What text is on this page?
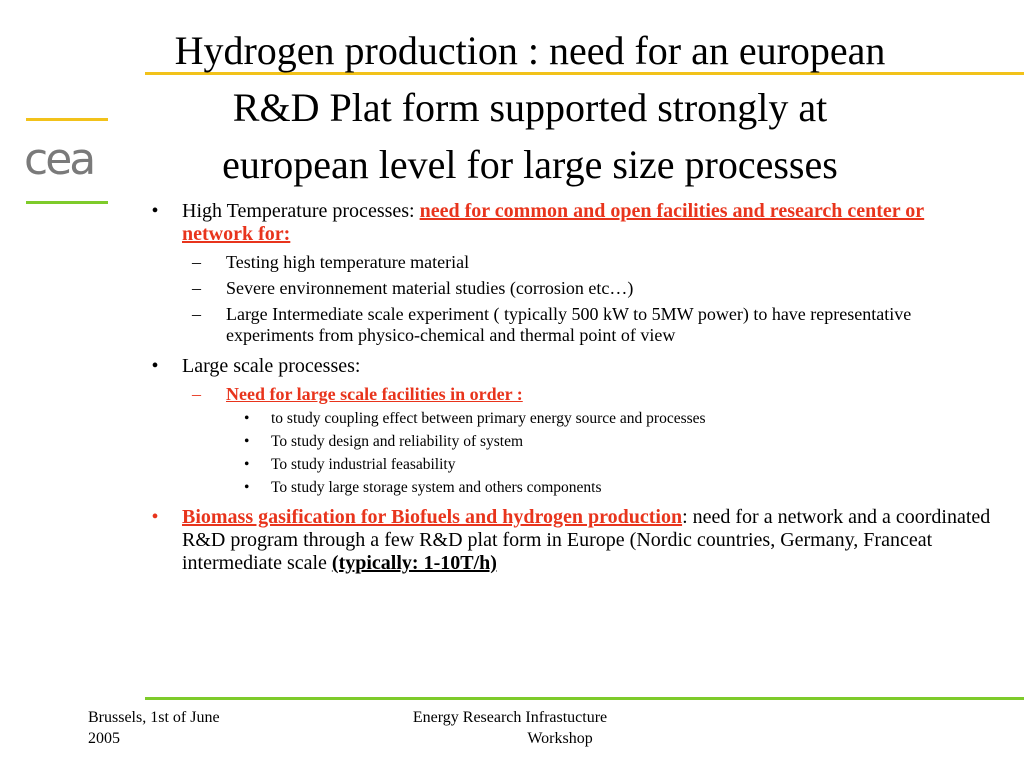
cea
Hydrogen production : need for an european
R&D Plat form supported strongly at
european level for large size processes
•	High Temperature processes: need for common and open facilities and research center or network for:
– Testing high temperature material
– Severe environnement material studies (corrosion etc…)
– Large Intermediate scale experiment ( typically 500 kW to 5MW power) to have representative experiments from physico-chemical and thermal point of view
•	Large scale processes:
– Need for large scale facilities in order :
• to study coupling effect between primary energy source and processes
• To study design and reliability of system
• To study industrial feasability
• To study large storage system and others components
•	Biomass gasification for Biofuels and hydrogen production: need for a network and a coordinated R&D program through a few R&D plat form in Europe (Nordic countries, Germany, Franceat intermediate scale (typically: 1-10T/h)
Brussels, 1st of June
2005
Energy Research Infrastucture
Workshop
